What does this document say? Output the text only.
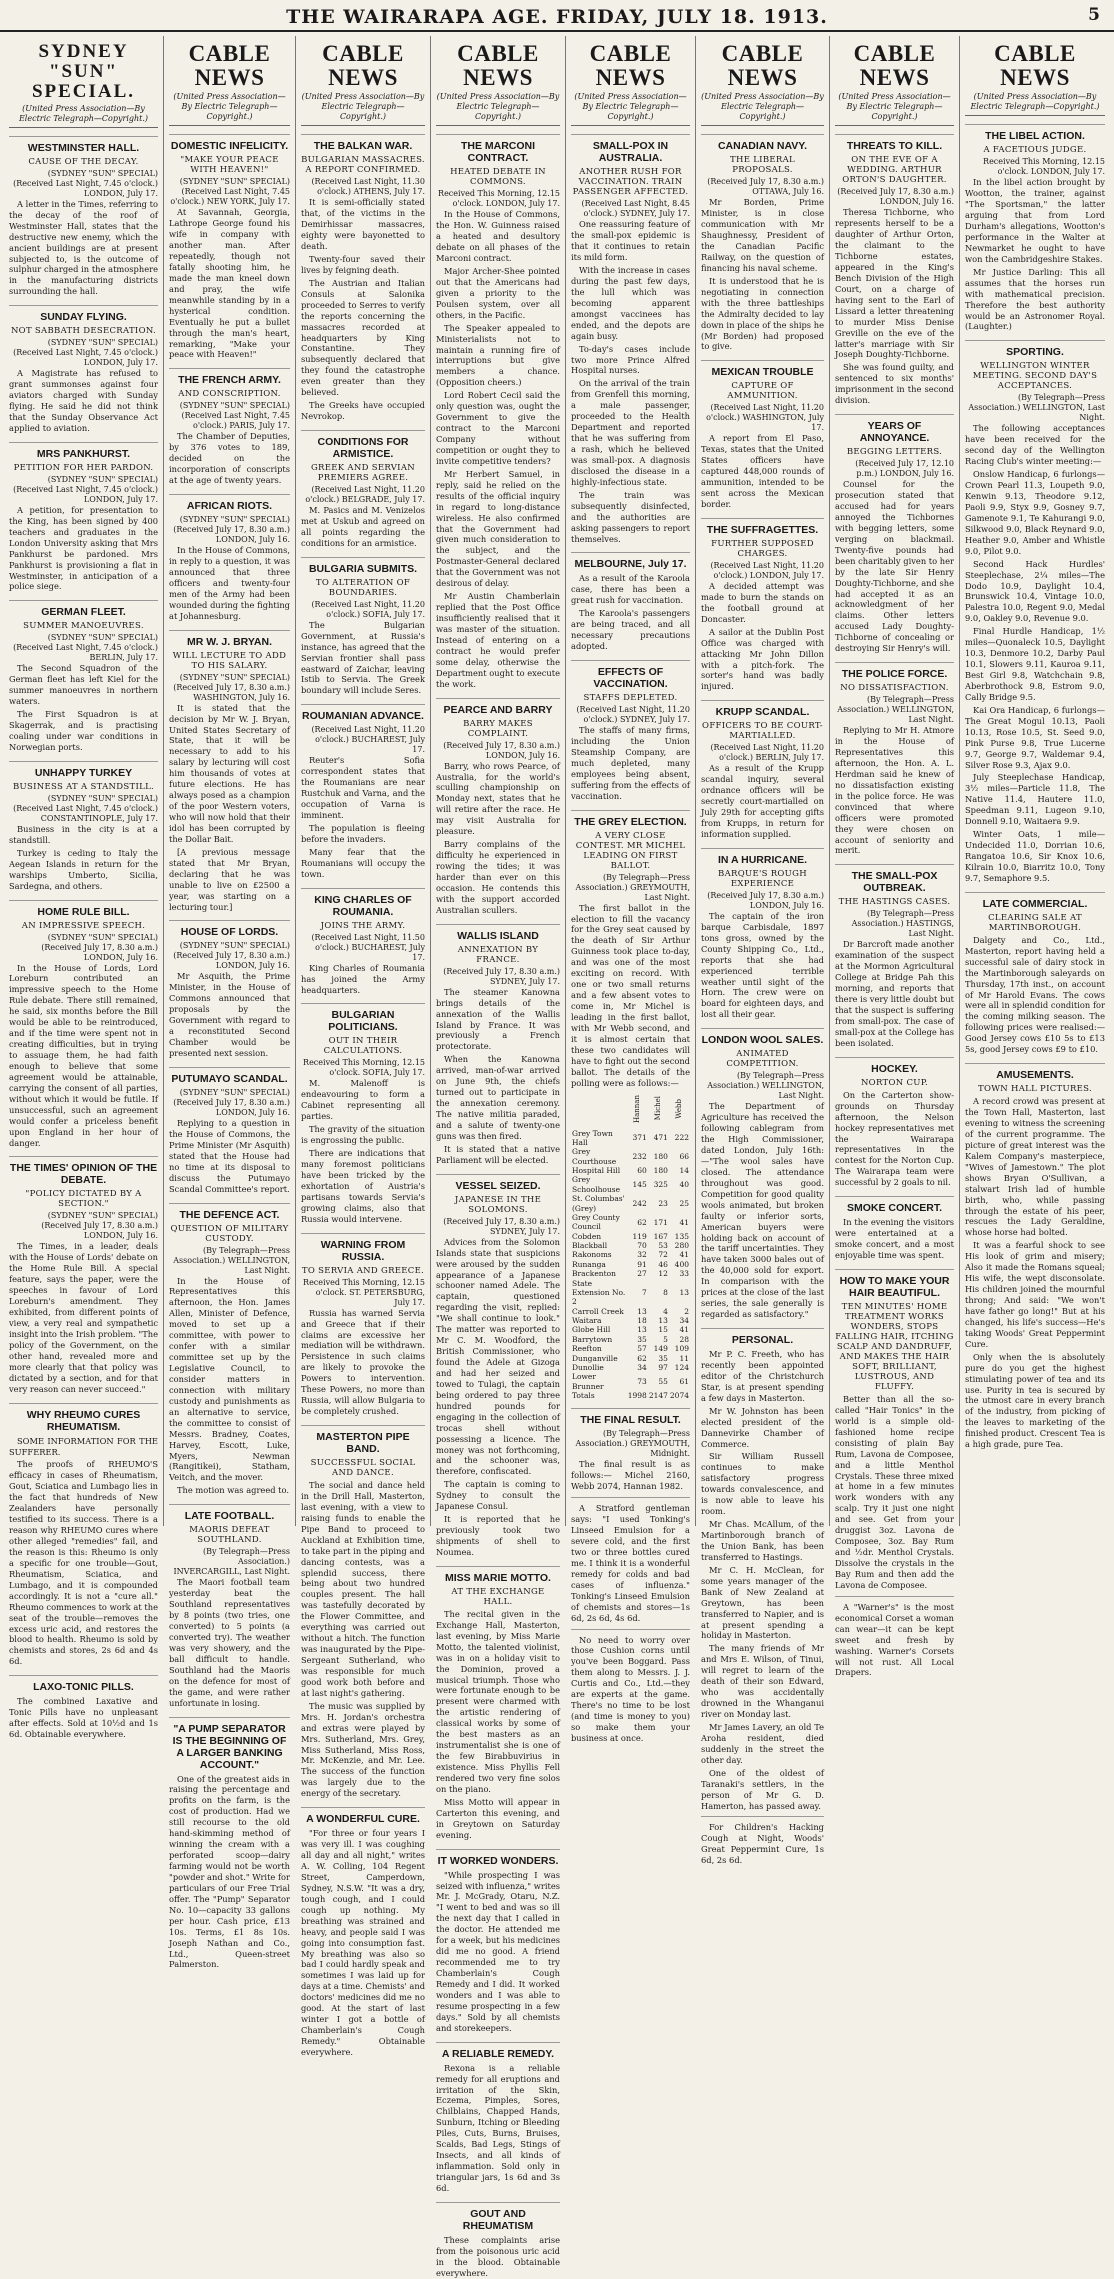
THE WAIRARAPA AGE. FRIDAY, JULY 18. 1913.	5
SYDNEY "SUN" SPECIAL.
(United Press Association—By Electric Telegraph—Copyright.)
WESTMINSTER HALL.
CAUSE OF THE DECAY.
(SYDNEY "SUN" SPECIAL) (Received Last Night, 7.45 o'clock.) LONDON, July 17.

A letter in the Times, referring to the decay of the roof of Westminster Hall, states that the destructive new enemy, which the ancient buildings are at present subjected to, is the outcome of sulphur charged in the atmosphere in the manufacturing districts surrounding the hall.

SUNDAY FLYING.
NOT SABBATH DESECRATION.
(SYDNEY "SUN" SPECIAL) (Received Last Night, 7.45 o'clock.) LONDON, July 17.

A Magistrate has refused to grant summonses against four aviators charged with Sunday flying. He said he did not think that the Sunday Observance Act applied to aviation.

MRS PANKHURST.
PETITION FOR HER PARDON.
(SYDNEY "SUN" SPECIAL) (Received Last Night, 7.45 o'clock.) LONDON, July 17.

A petition, for presentation to the King, has been signed by 400 teachers and graduates in the London University asking that Mrs Pankhurst be pardoned. Mrs Pankhurst is provisioning a flat in Westminster, in anticipation of a police siege.

GERMAN FLEET.
SUMMER MANOEUVRES.
(SYDNEY "SUN" SPECIAL) (Received Last Night, 7.45 o'clock.) BERLIN, July 17.

The Second Squadron of the German fleet has left Kiel for the summer manoeuvres in northern waters.

The First Squadron is at Skagerrak, and is practising coaling under war conditions in Norwegian ports.

UNHAPPY TURKEY
BUSINESS AT A STANDSTILL.
(SYDNEY "SUN" SPECIAL) (Received Last Night, 7.45 o'clock.) CONSTANTINOPLE, July 17.

Business in the city is at a standstill.

Turkey is ceding to Italy the Aegean Islands in return for the warships Umberto, Sicilia, Sardegna, and others.

HOME RULE BILL.
AN IMPRESSIVE SPEECH.
(SYDNEY "SUN" SPECIAL) (Received July 17, 8.30 a.m.) LONDON, July 16.

In the House of Lords, Lord Loreburn contributed an impressive speech to the Home Rule debate. There still remained, he said, six months before the Bill would be able to be reintroduced, and if the time were spent not in creating difficulties, but in trying to assuage them, he had faith enough to believe that some agreement would be attainable, carrying the consent of all parties, without which it would be futile. If unsuccessful, such an agreement would confer a priceless benefit upon England in her hour of danger.

THE TIMES' OPINION OF THE DEBATE.
"POLICY DICTATED BY A SECTION."
(SYDNEY "SUN" SPECIAL) (Received July 17, 8.30 a.m.) LONDON, July 16.

The Times, in a leader, deals with the House of Lords' debate on the Home Rule Bill. A special feature, says the paper, were the speeches in favour of Lord Loreburn's amendment. They exhibited, from different points of view, a very real and sympathetic insight into the Irish problem. "The policy of the Government, on the other hand, revealed more and more clearly that that policy was dictated by a section, and for that very reason can never succeed."

WHY RHEUMO CURES RHEUMATISM.

SOME INFORMATION FOR THE SUFFERER.

The proofs of RHEUMO'S efficacy in cases of Rheumatism, Gout, Sciatica and Lumbago lies in the fact that hundreds of New Zealanders have personally testified to its success. There is a reason why RHEUMO cures where other alleged "remedies" fail, and the reason is this: Rheumo is only a specific for one trouble—Gout, Rheumatism, Sciatica, and Lumbago, and it is compounded accordingly. It is not a "cure all." Rheumo commences to work at the seat of the trouble—removes the excess uric acid, and restores the blood to health. Rheumo is sold by chemists and stores, 2s 6d and 4s 6d.

LAXO-TONIC PILLS.

The combined Laxative and Tonic Pills have no unpleasant after effects. Sold at 10½d and 1s 6d. Obtainable everywhere.

CABLE NEWS
(United Press Association—By Electric Telegraph—Copyright.)
DOMESTIC INFELICITY.
"MAKE YOUR PEACE WITH HEAVEN!"
(SYDNEY "SUN" SPECIAL) (Received Last Night, 7.45 o'clock.) NEW YORK, July 17.

At Savannah, Georgia, Lathrope George found his wife in company with another man. After repeatedly, though not fatally shooting him, he made the man kneel down and pray, the wife meanwhile standing by in a hysterical condition. Eventually he put a bullet through the man's heart, remarking, "Make your peace with Heaven!"

THE FRENCH ARMY.
AND CONSCRIPTION.
(SYDNEY "SUN" SPECIAL) (Received Last Night, 7.45 o'clock.) PARIS, July 17.

The Chamber of Deputies, by 376 votes to 189, decided on the incorporation of conscripts at the age of twenty years.

AFRICAN RIOTS.
(SYDNEY "SUN" SPECIAL) (Received July 17, 8.30 a.m.) LONDON, July 16.

In the House of Commons, in reply to a question, it was announced that three officers and twenty-four men of the Army had been wounded during the fighting at Johannesburg.

MR W. J. BRYAN.
WILL LECTURE TO ADD TO HIS SALARY.
(SYDNEY "SUN" SPECIAL) (Received July 17, 8.30 a.m.) WASHINGTON, July 16.

It is stated that the decision by Mr W. J. Bryan, United States Secretary of State, that it will be necessary to add to his salary by lecturing will cost him thousands of votes at future elections. He has always posed as a champion of the poor Western voters, who will now hold that their idol has been corrupted by the Dollar Bait.

[A previous message stated that Mr Bryan, declaring that he was unable to live on £2500 a year, was starting on a lecturing tour.]

HOUSE OF LORDS.
(SYDNEY "SUN" SPECIAL) (Received July 17, 8.30 a.m.) LONDON, July 16.

Mr Asquith, the Prime Minister, in the House of Commons announced that proposals by the Government with regard to a reconstituted Second Chamber would be presented next session.

PUTUMAYO SCANDAL.
(SYDNEY "SUN" SPECIAL) (Received July 17, 8.30 a.m.) LONDON, July 16.

Replying to a question in the House of Commons, the Prime Minister (Mr Asquith) stated that the House had no time at its disposal to discuss the Putumayo Scandal Committee's report.

THE DEFENCE ACT.
QUESTION OF MILITARY CUSTODY.
(By Telegraph—Press Association.) WELLINGTON, Last Night.

In the House of Representatives this afternoon, the Hon. James Allen, Minister of Defence, moved to set up a committee, with power to confer with a similar committee set up by the Legislative Council, to consider matters in connection with military custody and punishments as an alternative to service, the committee to consist of Messrs. Bradney, Coates, Harvey, Escott, Luke, Myers, Newman (Rangitikei), Statham, Veitch, and the mover.

The motion was agreed to.

LATE FOOTBALL.
MAORIS DEFEAT SOUTHLAND.
(By Telegraph—Press Association.) INVERCARGILL, Last Night.

The Maori football team yesterday beat the Southland representatives by 8 points (two tries, one converted) to 5 points (a converted try). The weather was very showery, and the ball difficult to handle. Southland had the Maoris on the defence for most of the game, and were rather unfortunate in losing.

"A PUMP SEPARATOR IS THE BEGINNING OF A LARGER BANKING ACCOUNT."

One of the greatest aids in raising the percentage and profits on the farm, is the cost of production. Had we still recourse to the old hand-skimming method of winning the cream with a perforated scoop—dairy farming would not be worth "powder and shot." Write for particulars of our Free Trial offer. The "Pump" Separator No. 10—capacity 33 gallons per hour. Cash price, £13 10s. Terms, £1 8s 10s. Joseph Nathan and Co., Ltd., Queen-street Palmerston.

CABLE NEWS
(United Press Association—By Electric Telegraph—Copyright.)
THE BALKAN WAR.
BULGARIAN MASSACRES. A REPORT CONFIRMED.
(Received Last Night, 11.30 o'clock.) ATHENS, July 17.

It is semi-officially stated that, of the victims in the Demirhissar massacres, eighty were bayonetted to death.

Twenty-four saved their lives by feigning death.

The Austrian and Italian Consuls at Salonika proceeded to Serres to verify the reports concerning the massacres recorded at headquarters by King Constantine. They subsequently declared that they found the catastrophe even greater than they believed.

The Greeks have occupied Nevrokop.

CONDITIONS FOR ARMISTICE.
GREEK AND SERVIAN PREMIERS AGREE.
(Received Last Night, 11.20 o'clock.) BELGRADE, July 17.

M. Pasics and M. Venizelos met at Uskub and agreed on all points regarding the conditions for an armistice.

BULGARIA SUBMITS.
TO ALTERATION OF BOUNDARIES.
(Received Last Night, 11.20 o'clock.) SOFIA, July 17.

The Bulgarian Government, at Russia's instance, has agreed that the Servian frontier shall pass eastward of Zaichar, leaving Istib to Servia. The Greek boundary will include Seres.

ROUMANIAN ADVANCE.
(Received Last Night, 11.20 o'clock.) BUCHAREST, July 17.

Reuter's Sofia correspondent states that the Roumanians are near Rustchuk and Varna, and the occupation of Varna is imminent.

The population is fleeing before the invaders.

Many fear that the Roumanians will occupy the town.

KING CHARLES OF ROUMANIA.
JOINS THE ARMY.
(Received Last Night, 11.50 o'clock.) BUCHAREST, July 17.

King Charles of Roumania has joined the Army headquarters.

BULGARIAN POLITICIANS.
OUT IN THEIR CALCULATIONS.
Received This Morning, 12.15 o'clock. SOFIA, July 17.

M. Malenoff is endeavouring to form a Cabinet representing all parties.

The gravity of the situation is engrossing the public.

There are indications that many foremost politicians have been tricked by the exhortation of Austria's partisans towards Servia's growing claims, also that Russia would intervene.

WARNING FROM RUSSIA.
TO SERVIA AND GREECE.
Received This Morning, 12.15 o'clock. ST. PETERSBURG, July 17.

Russia has warned Servia and Greece that if their claims are excessive her mediation will be withdrawn. Persistence in such claims are likely to provoke the Powers to intervention. These Powers, no more than Russia, will allow Bulgaria to be completely crushed.

MASTERTON PIPE BAND.
SUCCESSFUL SOCIAL AND DANCE.

The social and dance held in the Drill Hall, Masterton, last evening, with a view to raising funds to enable the Pipe Band to proceed to Auckland at Exhibition time, to take part in the piping and dancing contests, was a splendid success, there being about two hundred couples present. The hall was tastefully decorated by the Flower Committee, and everything was carried out without a hitch. The function was inaugurated by the Pipe-Sergeant Sutherland, who was responsible for much good work both before and at last night's gathering.

The music was supplied by Mrs. H. Jordan's orchestra and extras were played by Mrs. Sutherland, Mrs. Grey, Miss Sutherland, Miss Ross, Mr. McKenzie, and Mr. Lee. The success of the function was largely due to the energy of the secretary.

A WONDERFUL CURE.

"For three or four years I was very ill. I was coughing all day and all night," writes A. W. Colling, 104 Regent Street, Camperdown, Sydney, N.S.W. "It was a dry, tough cough, and I could cough up nothing. My breathing was strained and heavy, and people said I was going into consumption fast. My breathing was also so bad I could hardly speak and sometimes I was laid up for days at a time. Chemists' and doctors' medicines did me no good. At the start of last winter I got a bottle of Chamberlain's Cough Remedy." Obtainable everywhere.

CABLE NEWS
(United Press Association—By Electric Telegraph—Copyright.)
THE MARCONI CONTRACT.
HEATED DEBATE IN COMMONS.
Received This Morning, 12.15 o'clock. LONDON, July 17.

In the House of Commons, the Hon. W. Guinness raised a heated and desultory debate on all phases of the Marconi contract.

Major Archer-Shee pointed out that the Americans had given a priority to the Poulsen system, over all others, in the Pacific.

The Speaker appealed to Ministerialists not to maintain a running fire of interruptions but give members a chance. (Opposition cheers.)

Lord Robert Cecil said the only question was, ought the Government to give the contract to the Marconi Company without competition or ought they to invite competitive tenders?

Mr Herbert Samuel, in reply, said he relied on the results of the official inquiry in regard to long-distance wireless. He also confirmed that the Government had given much consideration to the subject, and the Postmaster-General declared that the Government was not desirous of delay.

Mr Austin Chamberlain replied that the Post Office insufficiently realised that it was master of the situation. Instead of entering on a contract he would prefer some delay, otherwise the Department ought to execute the work.

PEARCE AND BARRY
BARRY MAKES COMPLAINT.
(Received July 17, 8.30 a.m.) LONDON, July 16.

Barry, who rows Pearce, of Australia, for the world's sculling championship on Monday next, states that he will retire after the race. He may visit Australia for pleasure.

Barry complains of the difficulty he experienced in rowing the tides; it was harder than ever on this occasion. He contends this with the support accorded Australian scullers.

WALLIS ISLAND
ANNEXATION BY FRANCE.
(Received July 17, 8.30 a.m.) SYDNEY, July 17.

The steamer Kanowna brings details of the annexation of the Wallis Island by France. It was previously a French protectorate.

When the Kanowna arrived, man-of-war arrived on June 9th, the chiefs turned out to participate in the annexation ceremony. The native militia paraded, and a salute of twenty-one guns was then fired.

It is stated that a native Parliament will be elected.

VESSEL SEIZED.
JAPANESE IN THE SOLOMONS.
(Received July 17, 8.30 a.m.) SYDNEY, July 17.

Advices from the Solomon Islands state that suspicions were aroused by the sudden appearance of a Japanese schooner named Adele. The captain, questioned regarding the visit, replied: "We shall continue to look." The matter was reported to Mr C. M. Woodford, the British Commissioner, who found the Adele at Gizoga and had her seized and towed to Tulagi, the captain being ordered to pay three hundred pounds for engaging in the collection of trocas shell without possessing a licence. The money was not forthcoming, and the schooner was, therefore, confiscated.

The captain is coming to Sydney to consult the Japanese Consul.

It is reported that he previously took two shipments of shell to Noumea.

MISS MARIE MOTTO.
AT THE EXCHANGE HALL.

The recital given in the Exchange Hall, Masterton, last evening, by Miss Marie Motto, the talented violinist, was in on a holiday visit to the Dominion, proved a musical triumph. Those who were fortunate enough to be present were charmed with the artistic rendering of classical works by some of the best masters as an instrumentalist she is one of the few Birabbuvirius in existence. Miss Phyllis Fell rendered two very fine solos on the piano.

Miss Motto will appear in Carterton this evening, and in Greytown on Saturday evening.

IT WORKED WONDERS.

"While prospecting I was seized with influenza," writes Mr. J. McGrady, Otaru, N.Z. "I went to bed and was so ill the next day that I called in the doctor. He attended me for a week, but his medicines did me no good. A friend recommended me to try Chamberlain's Cough Remedy and I did. It worked wonders and I was able to resume prospecting in a few days." Sold by all chemists and storekeepers.

A RELIABLE REMEDY.

Rexona is a reliable remedy for all eruptions and irritation of the Skin, Eczema, Pimples, Sores, Chilblains, Chapped Hands, Sunburn, Itching or Bleeding Piles, Cuts, Burns, Bruises, Scalds, Bad Legs, Stings of Insects, and all kinds of inflammation. Sold only in triangular jars, 1s 6d and 3s 6d.

GOUT AND RHEUMATISM

These complaints arise from the poisonous uric acid in the blood. Obtainable everywhere.

CABLE NEWS
(United Press Association—By Electric Telegraph—Copyright.)
SMALL-POX IN AUSTRALIA.
ANOTHER RUSH FOR VACCINATION. TRAIN PASSENGER AFFECTED.
(Received Last Night, 8.45 o'clock.) SYDNEY, July 17.

One reassuring feature of the small-pox epidemic is that it continues to retain its mild form.

With the increase in cases during the past few days, the lull which was becoming apparent amongst vaccinees has ended, and the depots are again busy.

To-day's cases include two more Prince Alfred Hospital nurses.

On the arrival of the train from Grenfell this morning, a male passenger, proceeded to the Health Department and reported that he was suffering from a rash, which he believed was small-pox. A diagnosis disclosed the disease in a highly-infectious state.

The train was subsequently disinfected, and the authorities are asking passengers to report themselves.

MELBOURNE, July 17.

As a result of the Karoola case, there has been a great rush for vaccination.

The Karoola's passengers are being traced, and all necessary precautions adopted.

EFFECTS OF VACCINATION.
STAFFS DEPLETED.
(Received Last Night, 11.20 o'clock.) SYDNEY, July 17.

The staffs of many firms, including the Union Steamship Company, are much depleted, many employees being absent, suffering from the effects of vaccination.

THE GREY ELECTION.
A VERY CLOSE CONTEST. MR MICHEL LEADING ON FIRST BALLOT.
(By Telegraph—Press Association.) GREYMOUTH, Last Night.

The first ballot in the election to fill the vacancy for the Grey seat caused by the death of Sir Arthur Guinness took place to-day, and was one of the most exciting on record. With one or two small returns and a few absent votes to come in, Mr Michel is leading in the first ballot, with Mr Webb second, and it is almost certain that these two candidates will have to fight out the second ballot. The details of the polling were as follows:—

	Hannan	Michel	Webb
Grey Town Hall	371	471	222
Grey Courthouse	232	180	66
Hospital Hill	60	180	14
Grey Schoolhouse	145	325	40
St. Columbas' (Grey)	242	23	25
Grey County Council	62	171	41
Cobden	119	167	135
Blackball	70	53	280
Rakonoms	32	72	41
Runanga	91	46	400
Brackenton	27	12	33
State Extension No. 2	7	8	13
Carroll Creek	13	4	2
Waitara	18	13	34
Globe Hill	13	15	41
Barrytown	35	5	28
Reefton	57	149	109
Dunganville	62	35	11
Dunollie	34	97	124
Lower Brunner	73	55	61
Totals	1998	2147	2074
THE FINAL RESULT.
(By Telegraph—Press Association.) GREYMOUTH, Midnight.

The final result is as follows:— Michel 2160, Webb 2074, Hannan 1982.

A Stratford gentleman says: "I used Tonking's Linseed Emulsion for a severe cold, and the first two or three bottles cured me. I think it is a wonderful remedy for colds and bad cases of influenza." Tonking's Linseed Emulsion of chemists and stores—1s 6d, 2s 6d, 4s 6d.

No need to worry over those Cushion corns until you've been Boggard. Pass them along to Messrs. J. J. Curtis and Co., Ltd.—they are experts at the game. There's no time to be lost (and time is money to you) so make them your business at once.

CABLE NEWS
(United Press Association—By Electric Telegraph—Copyright.)
CANADIAN NAVY.
THE LIBERAL PROPOSALS.
(Received July 17, 8.30 a.m.) OTTAWA, July 16.

Mr Borden, Prime Minister, is in close communication with Mr Shaughnessy, President of the Canadian Pacific Railway, on the question of financing his naval scheme.

It is understood that he is negotiating in connection with the three battleships the Admiralty decided to lay down in place of the ships he (Mr Borden) had proposed to give.

MEXICAN TROUBLE
CAPTURE OF AMMUNITION.
(Received Last Night, 11.20 o'clock.) WASHINGTON, July 17.

A report from El Paso, Texas, states that the United States officers have captured 448,000 rounds of ammunition, intended to be sent across the Mexican border.

THE SUFFRAGETTES.
FURTHER SUPPOSED CHARGES.
(Received Last Night, 11.20 o'clock.) LONDON, July 17.

A decided attempt was made to burn the stands on the football ground at Doncaster.

A sailor at the Dublin Post Office was charged with attacking Mr John Dillon with a pitch-fork. The sorter's hand was badly injured.

KRUPP SCANDAL.
OFFICERS TO BE COURT-MARTIALLED.
(Received Last Night, 11.20 o'clock.) BERLIN, July 17.

As a result of the Krupp scandal inquiry, several ordnance officers will be secretly court-martialled on July 29th for accepting gifts from Krupps, in return for information supplied.

IN A HURRICANE.
BARQUE'S ROUGH EXPERIENCE
(Received July 17, 8.30 a.m.) LONDON, July 16.

The captain of the iron barque Carbisdale, 1897 tons gross, owned by the County Shipping Co., Ltd., reports that she had experienced terrible weather until sight of the Horn. The crew were on board for eighteen days, and lost all their gear.

LONDON WOOL SALES.
ANIMATED COMPETITION.
(By Telegraph—Press Association.) WELLINGTON, Last Night.

The Department of Agriculture has received the following cablegram from the High Commissioner, dated London, July 16th:—"The wool sales have closed. The attendance throughout was good. Competition for good quality wools animated, but broken faulty or inferior sorts, American buyers were holding back on account of the tariff uncertainties. They have taken 3000 bales out of the 40,000 sold for export. In comparison with the prices at the close of the last series, the sale generally is regarded as satisfactory."

PERSONAL.

Mr P. C. Freeth, who has recently been appointed editor of the Christchurch Star, is at present spending a few days in Masterton.

Mr W. Johnston has been elected president of the Dannevirke Chamber of Commerce.

Sir William Russell continues to make satisfactory progress towards convalescence, and is now able to leave his room.

Mr Chas. McAllum, of the Martinborough branch of the Union Bank, has been transferred to Hastings.

Mr C. H. McClean, for some years manager of the Bank of New Zealand at Greytown, has been transferred to Napier, and is at present spending a holiday in Masterton.

The many friends of Mr and Mrs E. Wilson, of Tinui, will regret to learn of the death of their son Edward, who was accidentally drowned in the Whanganui river on Monday last.

Mr James Lavery, an old Te Aroha resident, died suddenly in the street the other day.

One of the oldest of Taranaki's settlers, in the person of Mr G. D. Hamerton, has passed away.

For Children's Hacking Cough at Night, Woods' Great Peppermint Cure, 1s 6d, 2s 6d.

CABLE NEWS
(United Press Association—By Electric Telegraph—Copyright.)
THREATS TO KILL.
ON THE EVE OF A WEDDING. ARTHUR ORTON'S DAUGHTER.
(Received July 17, 8.30 a.m.) LONDON, July 16.

Theresa Tichborne, who represents herself to be a daughter of Arthur Orton, the claimant to the Tichborne estates, appeared in the King's Bench Division of the High Court, on a charge of having sent to the Earl of Lissard a letter threatening to murder Miss Denise Greville on the eve of the latter's marriage with Sir Joseph Doughty-Tichborne.

She was found guilty, and sentenced to six months' imprisonment in the second division.

YEARS OF ANNOYANCE.
BEGGING LETTERS.
(Received July 17, 12.10 p.m.) LONDON, July 16.

Counsel for the prosecution stated that accused had for years annoyed the Tichbornes with begging letters, some verging on blackmail. Twenty-five pounds had been charitably given to her by the late Sir Henry Doughty-Tichborne, and she had accepted it as an acknowledgment of her claims. Other letters accused Lady Doughty-Tichborne of concealing or destroying Sir Henry's will.

THE POLICE FORCE.
NO DISSATISFACTION.
(By Telegraph—Press Association.) WELLINGTON, Last Night.

Replying to Mr H. Atmore in the House of Representatives this afternoon, the Hon. A. L. Herdman said he knew of no dissatisfaction existing in the police force. He was convinced that where officers were promoted they were chosen on account of seniority and merit.

THE SMALL-POX OUTBREAK.
THE HASTINGS CASES.
(By Telegraph—Press Association.) HASTINGS, Last Night.

Dr Barcroft made another examination of the suspect at the Mormon Agricultural College at Bridge Pah this morning, and reports that there is very little doubt but that the suspect is suffering from small-pox. The case of small-pox at the College has been isolated.

HOCKEY.
NORTON CUP.

On the Carterton show-grounds on Thursday afternoon, the Nelson hockey representatives met the Wairarapa representatives in the contest for the Norton Cup. The Wairarapa team were successful by 2 goals to nil.

SMOKE CONCERT.

In the evening the visitors were entertained at a smoke concert, and a most enjoyable time was spent.

HOW TO MAKE YOUR HAIR BEAUTIFUL.
TEN MINUTES' HOME TREATMENT WORKS WONDERS, STOPS FALLING HAIR, ITCHING SCALP AND DANDRUFF, AND MAKES THE HAIR SOFT, BRILLIANT, LUSTROUS, AND FLUFFY.

Better than all the so-called "Hair Tonics" in the world is a simple old-fashioned home recipe consisting of plain Bay Rum, Lavona de Composee, and a little Menthol Crystals. These three mixed at home in a few minutes work wonders with any scalp. Try it just one night and see. Get from your druggist 3oz. Lavona de Composee, 3oz. Bay Rum and ½dr. Menthol Crystals. Dissolve the crystals in the Bay Rum and then add the Lavona de Composee.

A "Warner's" is the most economical Corset a woman can wear—it can be kept sweet and fresh by washing. Warner's Corsets will not rust. All Local Drapers.

CABLE NEWS
(United Press Association—By Electric Telegraph—Copyright.)
THE LIBEL ACTION.
A FACETIOUS JUDGE.
Received This Morning, 12.15 o'clock. LONDON, July 17.

In the libel action brought by Wootton, the trainer, against "The Sportsman," the latter arguing that from Lord Durham's allegations, Wootton's performance in the Walter at Newmarket he ought to have won the Cambridgeshire Stakes.

Mr Justice Darling: This all assumes that the horses run with mathematical precision. Therefore the best authority would be an Astronomer Royal. (Laughter.)

SPORTING.
WELLINGTON WINTER MEETING. SECOND DAY'S ACCEPTANCES.
(By Telegraph—Press Association.) WELLINGTON, Last Night.

The following acceptances have been received for the second day of the Wellington Racing Club's winter meeting:—

Onslow Handicap, 6 furlongs—Crown Pearl 11.3, Loupeth 9.0, Kenwin 9.13, Theodore 9.12, Paoli 9.9, Styx 9.9, Gosney 9.7, Gamenote 9.1, Te Kahurangi 9.0, Silkwood 9.0, Black Reynard 9.0, Heather 9.0, Amber and Whistle 9.0, Pilot 9.0.

Second Hack Hurdles' Steeplechase, 2¼ miles—The Dodo 10.9, Daylight 10.4, Brunswick 10.4, Vintage 10.0, Palestra 10.0, Regent 9.0, Medal 9.0, Oakley 9.0, Revenue 9.0.

Final Hurdle Handicap, 1½ miles—Quonaleck 10.5, Daylight 10.3, Denmore 10.2, Darby Paul 10.1, Slowers 9.11, Kauroa 9.11, Best Girl 9.8, Watchchain 9.8, Aberbrothock 9.8, Estrom 9.0, Cally Bridge 9.5.

Kai Ora Handicap, 6 furlongs—The Great Mogul 10.13, Paoli 10.13, Rose 10.5, St. Seed 9.0, Pink Purse 9.8, True Lucerne 9.7, George 9.7, Waldemar 9.4, Silver Rose 9.3, Ajax 9.0.

July Steeplechase Handicap, 3½ miles—Particle 11.8, The Native 11.4, Hautere 11.0, Speedman 9.11, Lugeon 9.10, Donnell 9.10, Waitaera 9.9.

Winter Oats, 1 mile—Undecided 11.0, Dorrian 10.6, Rangatoa 10.6, Sir Knox 10.6, Kilrain 10.0, Biarritz 10.0, Tony 9.7, Semaphore 9.5.

LATE COMMERCIAL.
CLEARING SALE AT MARTINBOROUGH.

Dalgety and Co., Ltd., Masterton, report having held a successful sale of dairy stock in the Martinborough saleyards on Thursday, 17th inst., on account of Mr Harold Evans. The cows were all in splendid condition for the coming milking season. The following prices were realised:—Good Jersey cows £10 5s to £13 5s, good Jersey cows £9 to £10.

AMUSEMENTS.
TOWN HALL PICTURES.

A record crowd was present at the Town Hall, Masterton, last evening to witness the screening of the current programme. The picture of great interest was the Kalem Company's masterpiece, "Wives of Jamestown." The plot shows Bryan O'Sullivan, a stalwart Irish lad of humble birth, who, while passing through the estate of his peer, rescues the Lady Geraldine, whose horse had bolted.

It was a fearful shock to see His look of grim and misery; Also it made the Romans squeal; His wife, the wept disconsolate. His children joined the mournful throng; And said: "We won't have father go long!" But at his changed, his life's success—He's taking Woods' Great Peppermint Cure.

Only when the is absolutely pure do you get the highest stimulating power of tea and its use. Purity in tea is secured by the utmost care in every branch of the industry, from picking of the leaves to marketing of the finished product. Crescent Tea is a high grade, pure Tea.
